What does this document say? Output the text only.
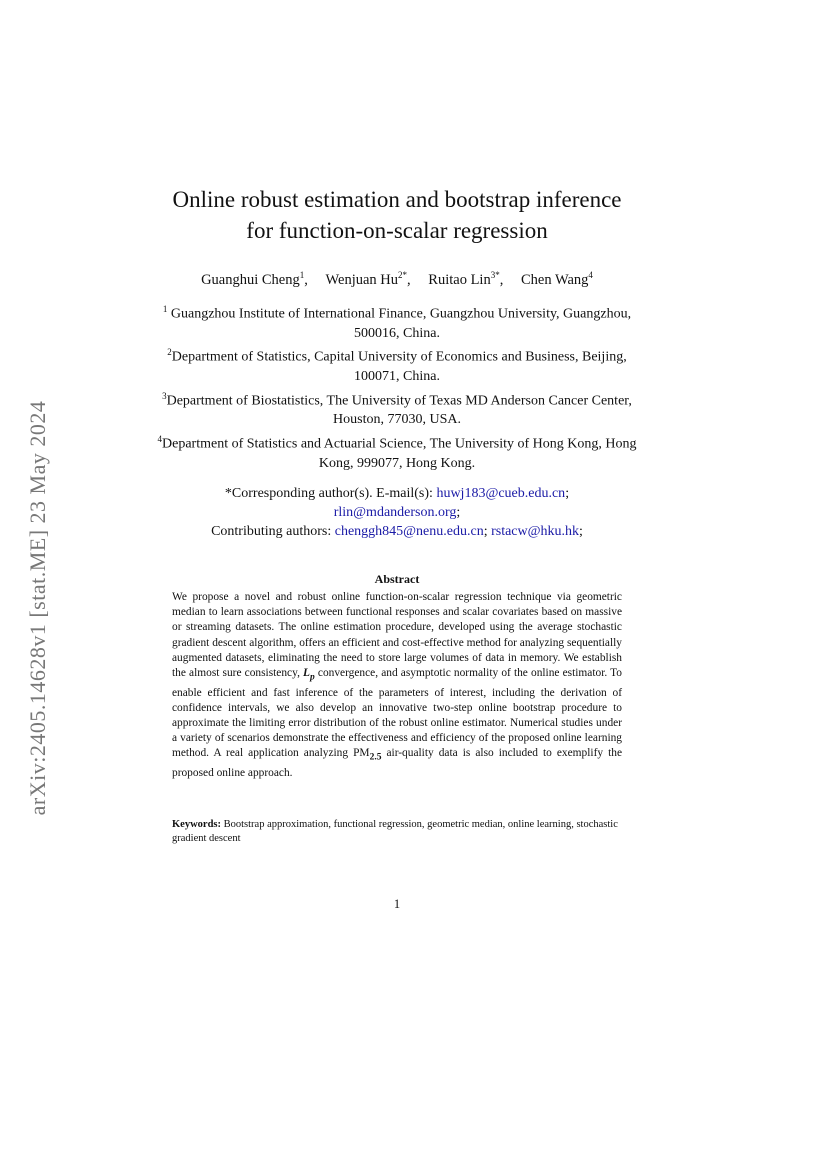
arXiv:2405.14628v1 [stat.ME] 23 May 2024
Online robust estimation and bootstrap inference
for function-on-scalar regression
Guanghui Cheng$^1$, Wenjuan $Hu^{2*}$, Ruitao Lin$^{3*}$, Chen Wang$^4$

$^1$ Guangzhou Institute of International Finance, Guangzhou University, Guangzhou, 500016, China.

$^2$Department of Statistics, Capital University of Economics and Business, Beijing, 100071, China.

$^3$Department of Biostatistics, The University of Texas MD Anderson Cancer Center, Houston, 77030, USA.

$^4$Department of Statistics and Actuarial Science, The University of Hong Kong, Hong Kong, 999077, Hong Kong.

*Corresponding author(s). E-mail(s): huwj183@cueb.edu.cn;
rlin@mdanderson.org;
Contributing authors: chenggh845@nenu.edu.cn; rstacw@hku.hk;
Abstract
We propose a novel and robust online function-on-scalar regression technique via geometric median to learn associations between functional responses and scalar covariates based on massive or streaming datasets. The online estimation procedure, developed using the average stochastic gradient descent algorithm, offers an efficient and cost-effective method for analyzing sequentially augmented datasets, eliminating the need to store large volumes of data in memory. We establish the almost sure consistency, $L_p$ convergence, and asymptotic normality of the online estimator. To enable efficient and fast inference of the parameters of interest, including the derivation of confidence intervals, we also develop an innovative two-step online bootstrap procedure to approximate the limiting error distribution of the robust online estimator. Numerical studies under a variety of scenarios demonstrate the effectiveness and efficiency of the proposed online learning method. A real application analyzing $PM_{2.5}$ air-quality data is also included to exemplify the proposed online approach.
Keywords: Bootstrap approximation, functional regression, geometric median, online learning, stochastic gradient descent
1
